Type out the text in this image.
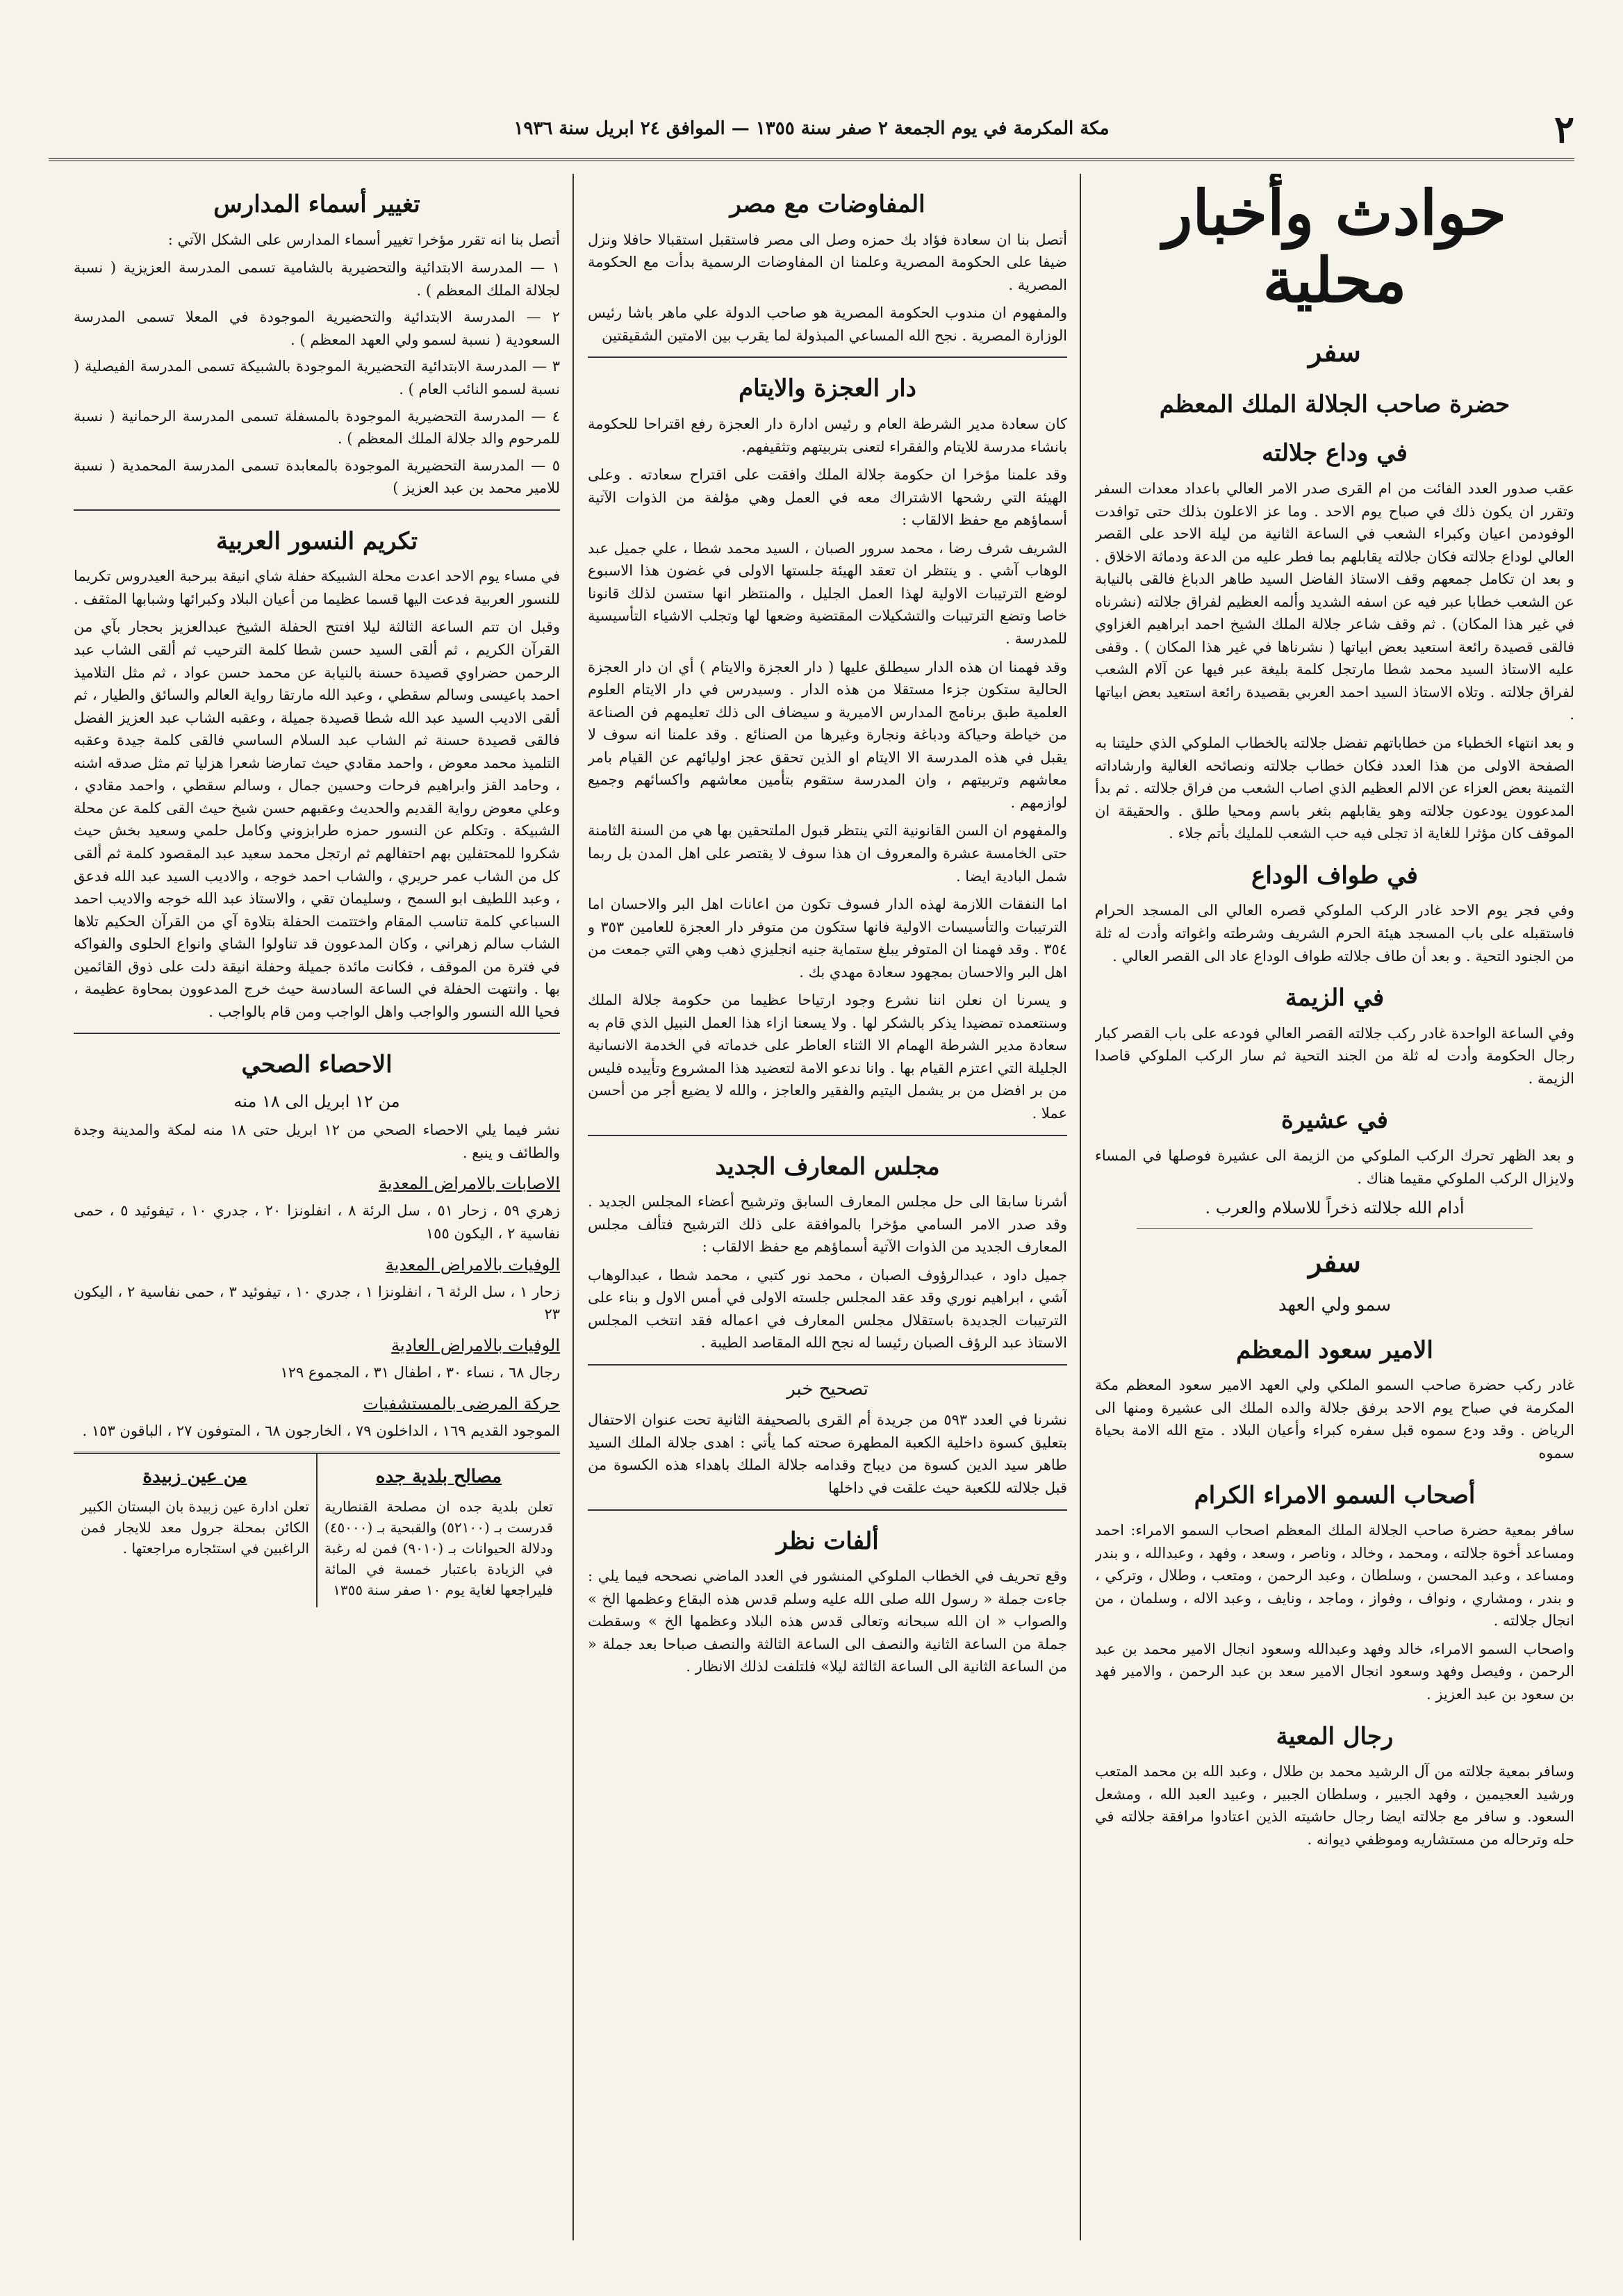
٢
مكة المكرمة في يوم الجمعة ٢ صفر سنة ١٣٥٥ — الموافق ٢٤ ابريل سنة ١٩٣٦
حوادث وأخبار محلية
سفر
حضرة صاحب الجلالة الملك المعظم
في وداع جلالته

عقب صدور العدد الفائت من ام القرى صدر الامر العالي باعداد معدات السفر وتقرر ان يكون ذلك في صباح يوم الاحد . وما عز الاعلون بذلك حتى توافدت الوفودمن اعيان وكبراء الشعب في الساعة الثانية من ليلة الاحد على القصر العالي لوداع جلالته فكان جلالته يقابلهم بما فطر عليه من الدعة ودماثة الاخلاق . و بعد ان تكامل جمعهم وقف الاستاذ الفاضل السيد طاهر الدباغ فالقى بالنيابة عن الشعب خطابا عبر فيه عن اسفه الشديد وألمه العظيم لفراق جلالته (نشرناه في غير هذا المكان) . ثم وقف شاعر جلالة الملك الشيخ احمد ابراهيم الغزاوي فالقى قصيدة رائعة استعيد بعض ابياتها ( نشرناها في غير هذا المكان ) . وقفى عليه الاستاذ السيد محمد شطا مارتجل كلمة بليغة عبر فيها عن آلام الشعب لفراق جلالته . وتلاه الاستاذ السيد احمد العربي بقصيدة رائعة استعيد بعض ابياتها .

و بعد انتهاء الخطباء من خطاباتهم تفضل جلالته بالخطاب الملوكي الذي حليتنا به الصفحة الاولى من هذا العدد فكان خطاب جلالته ونصائحه الغالية وارشاداته الثمينة بعض العزاء عن الالم العظيم الذي اصاب الشعب من فراق جلالته . ثم بدأ المدعوون يودعون جلالته وهو يقابلهم بثغر باسم ومحيا طلق . والحقيقة ان الموقف كان مؤثرا للغاية اذ تجلى فيه حب الشعب للمليك بأتم جلاء .

في طواف الوداع

وفي فجر يوم الاحد غادر الركب الملوكي قصره العالي الى المسجد الحرام فاستقبله على باب المسجد هيئة الحرم الشريف وشرطته واغواته وأدت له ثلة من الجنود التحية . و بعد أن طاف جلالته طواف الوداع عاد الى القصر العالي .

في الزيمة

وفي الساعة الواحدة غادر ركب جلالته القصر العالي فودعه على باب القصر كبار رجال الحكومة وأدت له ثلة من الجند التحية ثم سار الركب الملوكي قاصدا الزيمة .

في عشيرة

و بعد الظهر تحرك الركب الملوكي من الزيمة الى عشيرة فوصلها في المساء ولايزال الركب الملوكي مقيما هناك .

أدام الله جلالته ذخراً للاسلام والعرب .

سفر
سمو ولي العهد
الامير سعود المعظم

غادر ركب حضرة صاحب السمو الملكي ولي العهد الامير سعود المعظم مكة المكرمة في صباح يوم الاحد برفق جلالة والده الملك الى عشيرة ومنها الى الرياض . وقد ودع سموه قبل سفره كبراء وأعيان البلاد . متع الله الامة بحياة سموه

أصحاب السمو الامراء الكرام

سافر بمعية حضرة صاحب الجلالة الملك المعظم اصحاب السمو الامراء: احمد ومساعد أخوة جلالته ، ومحمد ، وخالد ، وناصر ، وسعد ، وفهد ، وعبدالله ، و بندر ومساعد ، وعبد المحسن ، وسلطان ، وعبد الرحمن ، ومتعب ، وطلال ، وتركي ، و بندر ، ومشاري ، ونواف ، وفواز ، وماجد ، ونايف ، وعبد الاله ، وسلمان ، من انجال جلالته .

واصحاب السمو الامراء، خالد وفهد وعبدالله وسعود انجال الامير محمد بن عبد الرحمن ، وفيصل وفهد وسعود انجال الامير سعد بن عبد الرحمن ، والامير فهد بن سعود بن عبد العزيز .

رجال المعية

وسافر بمعية جلالته من آل الرشيد محمد بن طلال ، وعبد الله بن محمد المتعب ورشيد العجيمين ، وفهد الجبير ، وسلطان الجبير ، وعبيد العبد الله ، ومشعل السعود. و سافر مع جلالته ايضا رجال حاشيته الذين اعتادوا مرافقة جلالته في حله وترحاله من مستشاريه وموظفي ديوانه .

المفاوضات مع مصر

أتصل بنا ان سعادة فؤاد بك حمزه وصل الى مصر فاستقبل استقبالا حافلا ونزل ضيفا على الحكومة المصرية وعلمنا ان المفاوضات الرسمية بدأت مع الحكومة المصرية .

والمفهوم ان مندوب الحكومة المصرية هو صاحب الدولة علي ماهر باشا رئيس الوزارة المصرية . نجح الله المساعي المبذولة لما يقرب بين الامتين الشقيقتين

دار العجزة والايتام

كان سعادة مدير الشرطة العام و رئيس ادارة دار العجزة رفع اقتراحا للحكومة بانشاء مدرسة للايتام والفقراء لتعنى بتربيتهم وتثقيفهم.

وقد علمنا مؤخرا ان حكومة جلالة الملك وافقت على اقتراح سعادته . وعلى الهيئة التي رشحها الاشتراك معه في العمل وهي مؤلفة من الذوات الآتية أسماؤهم مع حفظ الالقاب :

الشريف شرف رضا ، محمد سرور الصبان ، السيد محمد شطا ، علي جميل عبد الوهاب آشي . و ينتظر ان تعقد الهيئة جلستها الاولى في غضون هذا الاسبوع لوضع الترتيبات الاولية لهذا العمل الجليل ، والمنتظر انها ستسن لذلك قانونا خاصا وتضع الترتيبات والتشكيلات المقتضية وضعها لها وتجلب الاشياء التأسيسية للمدرسة .

وقد فهمنا ان هذه الدار سيطلق عليها ( دار العجزة والايتام ) أي ان دار العجزة الحالية ستكون جزءا مستقلا من هذه الدار . وسيدرس في دار الايتام العلوم العلمية طبق برنامج المدارس الاميرية و سيضاف الى ذلك تعليمهم فن الصناعة من خياطة وحياكة ودباغة ونجارة وغيرها من الصنائع . وقد علمنا انه سوف لا يقبل في هذه المدرسة الا الايتام او الذين تحقق عجز اوليائهم عن القيام بامر معاشهم وتربيتهم ، وان المدرسة ستقوم بتأمين معاشهم واكسائهم وجميع لوازمهم .

والمفهوم ان السن القانونية التي ينتظر قبول الملتحقين بها هي من السنة الثامنة حتى الخامسة عشرة والمعروف ان هذا سوف لا يقتصر على اهل المدن بل ربما شمل البادية ايضا .

اما النفقات اللازمة لهذه الدار فسوف تكون من اعانات اهل البر والاحسان اما الترتيبات والتأسيسات الاولية فانها ستكون من متوفر دار العجزة للعامين ٣٥٣ و ٣٥٤ . وقد فهمنا ان المتوفر يبلغ ستماية جنيه انجليزي ذهب وهي التي جمعت من اهل البر والاحسان بمجهود سعادة مهدي بك .

و يسرنا ان نعلن اننا نشرع وجود ارتياحا عظيما من حكومة جلالة الملك وسنتعمده تمضيدا يذكر بالشكر لها . ولا يسعنا ازاء هذا العمل النبيل الذي قام به سعادة مدير الشرطة الهمام الا الثناء العاطر على خدماته في الخدمة الانسانية الجليلة التي اعتزم القيام بها . وانا ندعو الامة لتعضيد هذا المشروع وتأييده فليس من بر افضل من بر يشمل اليتيم والفقير والعاجز ، والله لا يضيع أجر من أحسن عملا .

مجلس المعارف الجديد

أشرنا سابقا الى حل مجلس المعارف السابق وترشيح أعضاء المجلس الجديد . وقد صدر الامر السامي مؤخرا بالموافقة على ذلك الترشيح فتألف مجلس المعارف الجديد من الذوات الآتية أسماؤهم مع حفظ الالقاب :

جميل داود ، عبدالرؤوف الصبان ، محمد نور كتبي ، محمد شطا ، عبدالوهاب آشي ، ابراهيم نوري وقد عقد المجلس جلسته الاولى في أمس الاول و بناء على الترتيبات الجديدة باستقلال مجلس المعارف في اعماله فقد انتخب المجلس الاستاذ عبد الرؤف الصبان رئيسا له نجح الله المقاصد الطيبة .

تصحيح خبر

نشرنا في العدد ٥٩٣ من جريدة أم القرى بالصحيفة الثانية تحت عنوان الاحتفال بتعليق كسوة داخلية الكعبة المطهرة صحته كما يأتي : اهدى جلالة الملك السيد طاهر سيد الدين كسوة من ديباج وقدامه جلالة الملك باهداء هذه الكسوة من قبل جلالته للكعبة حيث علقت في داخلها

ألفات نظر

وقع تحريف في الخطاب الملوكي المنشور في العدد الماضي نصححه فيما يلي : جاءت جملة « رسول الله صلى الله عليه وسلم قدس هذه البقاع وعظمها الخ » والصواب « ان الله سبحانه وتعالى قدس هذه البلاد وعظمها الخ » وسقطت جملة من الساعة الثانية والنصف الى الساعة الثالثة والنصف صباحا بعد جملة « من الساعة الثانية الى الساعة الثالثة ليلا» فلتلفت لذلك الانظار .

تغيير أسماء المدارس

أتصل بنا انه تقرر مؤخرا تغيير أسماء المدارس على الشكل الآتي :

١ — المدرسة الابتدائية والتحضيرية بالشامية تسمى المدرسة العزيزية ( نسبة لجلالة الملك المعظم ) .
٢ — المدرسة الابتدائية والتحضيرية الموجودة في المعلا تسمى المدرسة السعودية ( نسبة لسمو ولي العهد المعظم ) .
٣ — المدرسة الابتدائية التحضيرية الموجودة بالشبيكة تسمى المدرسة الفيصلية ( نسبة لسمو النائب العام ) .
٤ — المدرسة التحضيرية الموجودة بالمسفلة تسمى المدرسة الرحمانية ( نسبة للمرحوم والد جلالة الملك المعظم ) .
٥ — المدرسة التحضيرية الموجودة بالمعابدة تسمى المدرسة المحمدية ( نسبة للامير محمد بن عبد العزيز )
تكريم النسور العربية

في مساء يوم الاحد اعدت محلة الشبيكة حفلة شاي انيقة ببرحبة العيدروس تكريما للنسور العربية فدعت اليها قسما عظيما من أعيان البلاد وكبرائها وشبابها المثقف .

وقبل ان تتم الساعة الثالثة ليلا افتتح الحفلة الشيخ عبدالعزيز بحجار بآي من القرآن الكريم ، ثم ألقى السيد حسن شطا كلمة الترحيب ثم ألقى الشاب عبد الرحمن حضراوي قصيدة حسنة بالنيابة عن محمد حسن عواد ، ثم مثل التلاميذ احمد باعيسى وسالم سقطي ، وعبد الله مارتقا رواية العالم والسائق والطيار ، ثم ألقى الاديب السيد عبد الله شطا قصيدة جميلة ، وعقبه الشاب عبد العزيز الفضل فالقى قصيدة حسنة ثم الشاب عبد السلام الساسي فالقى كلمة جيدة وعقبه التلميذ محمد معوض ، واحمد مقادي حيث تمارضا شعرا هزليا تم مثل صدقه اشنه ، وحامد القز وابراهيم فرحات وحسين جمال ، وسالم سقطي ، واحمد مقادي ، وعلي معوض رواية القديم والحديث وعقبهم حسن شيخ حيث القى كلمة عن محلة الشبيكة . وتكلم عن النسور حمزه طرابزوني وكامل حلمي وسعيد بخش حيث شكروا للمحتفلين بهم احتفالهم ثم ارتجل محمد سعيد عبد المقصود كلمة ثم ألقى كل من الشاب عمر حريري ، والشاب احمد خوجه ، والاديب السيد عبد الله فدعق ، وعبد اللطيف ابو السمح ، وسليمان تقي ، والاستاذ عبد الله خوجه والاديب احمد السباعي كلمة تناسب المقام واختتمت الحفلة بتلاوة آي من القرآن الحكيم تلاها الشاب سالم زهراني ، وكان المدعوون قد تناولوا الشاي وانواع الحلوى والفواكه في فترة من الموقف ، فكانت مائدة جميلة وحفلة انيقة دلت على ذوق القائمين بها . وانتهت الحفلة في الساعة السادسة حيث خرج المدعوون بمحاوة عظيمة ، فحيا الله النسور والواجب واهل الواجب ومن قام بالواجب .

الاحصاء الصحي

من ١٢ ابريل الى ١٨ منه

نشر فيما يلي الاحصاء الصحي من ١٢ ابريل حتى ١٨ منه لمكة والمدينة وجدة والطائف و ينبع .

الاصابات بالامراض المعدية

زهري ٥٩ ، زحار ٥١ ، سل الرئة ٨ ، انفلونزا ٢٠ ، جدري ١٠ ، تيفوئيد ٥ ، حمى نفاسية ٢ ، اليكون ١٥٥

الوفيات بالامراض المعدية

زحار ١ ، سل الرئة ٦ ، انفلونزا ١ ، جدري ١٠ ، تيفوئيد ٣ ، حمى نفاسية ٢ ، اليكون ٢٣

الوفيات بالامراض العادية

رجال ٦٨ ، نساء ٣٠ ، اطفال ٣١ ، المجموع ١٢٩

حركة المرضى بالمستشفيات

الموجود القديم ١٦٩ ، الداخلون ٧٩ ، الخارجون ٦٨ ، المتوفون ٢٧ ، الباقون ١٥٣ .

مصالح بلدية جده
تعلن بلدية جده ان مصلحة القنطارية قدرست بـ (٥٢١٠٠) والقبحية بـ (٤٥٠٠٠) ودلالة الحيوانات بـ (٩٠١٠) فمن له رغبة في الزيادة باعتبار خمسة في المائة فليراجعها لغاية يوم ١٠ صفر سنة ١٣٥٥
من عين زبيدة
تعلن ادارة عين زبيدة بان البستان الكبير الكائن بمحلة جرول معد للايجار فمن الراغبين في استئجاره مراجعتها .
